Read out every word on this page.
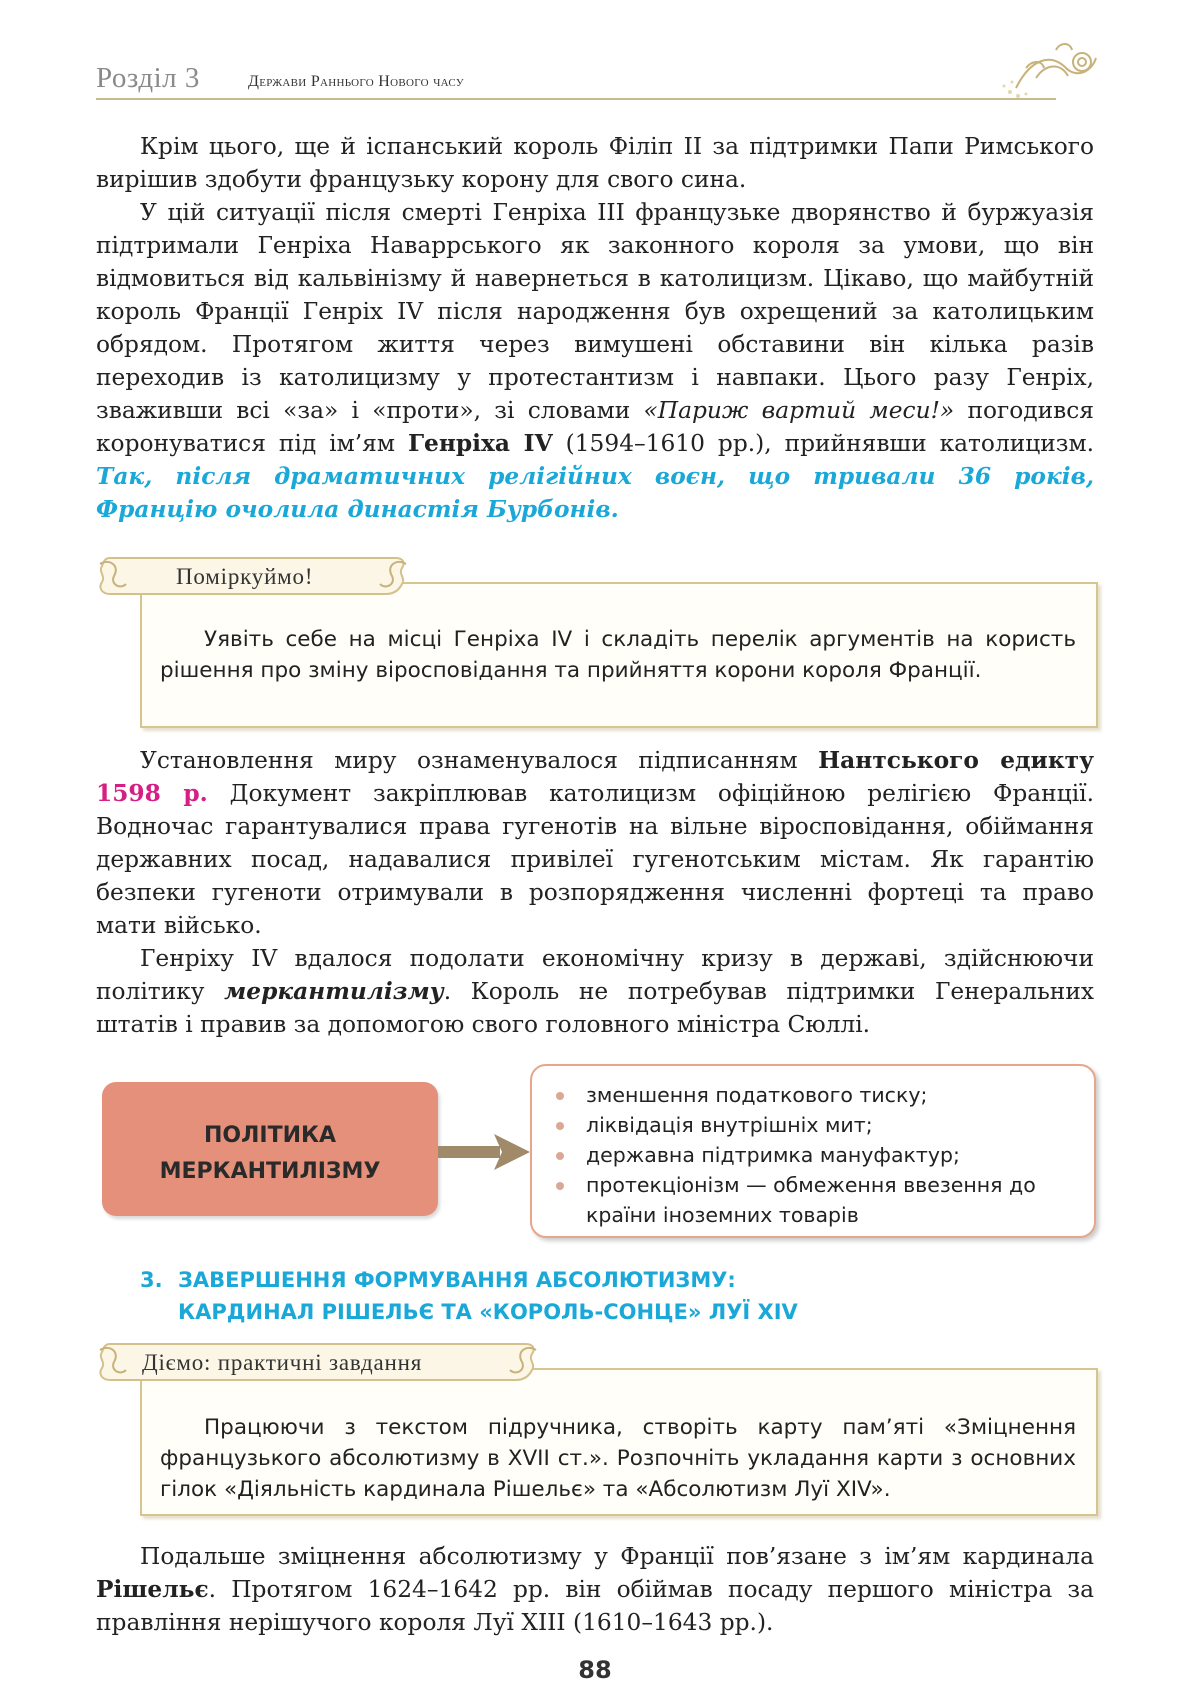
Розділ 3	Держави Раннього Нового часу

Крім цього, ще й іспанський король Філіп II за підтримки Папи Римського вирішив здобути французьку корону для свого сина.

У цій ситуації після смерті Генріха III французьке дворянство й буржуазія підтримали Генріха Наваррського як законного короля за умови, що він відмовиться від кальвінізму й навернеться в католицизм. Цікаво, що майбутній король Франції Генріх IV після народження був охрещений за католицьким обрядом. Протягом життя через вимушені обставини він кілька разів переходив із католицизму у протестантизм і навпаки. Цього разу Генріх, зваживши всі «за» і «проти», зі словами «Париж вартий меси!» погодився коронуватися під ім’ям Генріха IV (1594–1610 рр.), прийнявши католицизм. Так, після драматичних релігійних воєн, що тривали 36 років, Францію очолила династія Бурбонів.

Уявіть себе на місці Генріха IV і складіть перелік аргументів на користь рішення про зміну віросповідання та прийняття корони короля Франції.
Поміркуймо!

Установлення миру ознаменувалося підписанням Нантського едикту 1598 р. Документ закріплював католицизм офіційною релігією Франції. Водночас гарантувалися права гугенотів на вільне віросповідання, обіймання державних посад, надавалися привілеї гугенотським містам. Як гарантію безпеки гугеноти отримували в розпорядження численні фортеці та право мати військо.

Генріху IV вдалося подолати економічну кризу в державі, здійснюючи політику меркантилізму. Король не потребував підтримки Генеральних штатів і правив за допомогою свого головного міністра Сюллі.

ПОЛІТИКА
МЕРКАНТИЛІЗМУ
зменшення податкового тиску;
ліквідація внутрішніх мит;
державна підтримка мануфактур;
протекціонізм — обмеження ввезення до країни іноземних товарів
3. ЗАВЕРШЕННЯ ФОРМУВАННЯ АБСОЛЮТИЗМУ:
КАРДИНАЛ РІШЕЛЬЄ ТА «КОРОЛЬ-СОНЦЕ» ЛУЇ XIV
Працюючи з текстом підручника, створіть карту пам’яті «Зміцнення французького абсолютизму в XVII ст.». Розпочніть укладання карти з основних гілок «Діяльність кардинала Рішельє» та «Абсолютизм Луї XIV».
Діємо: практичні завдання

Подальше зміцнення абсолютизму у Франції пов’язане з ім’ям кардинала Рішельє. Протягом 1624–1642 рр. він обіймав посаду першого міністра за правління нерішучого короля Луї XIII (1610–1643 рр.).

88
